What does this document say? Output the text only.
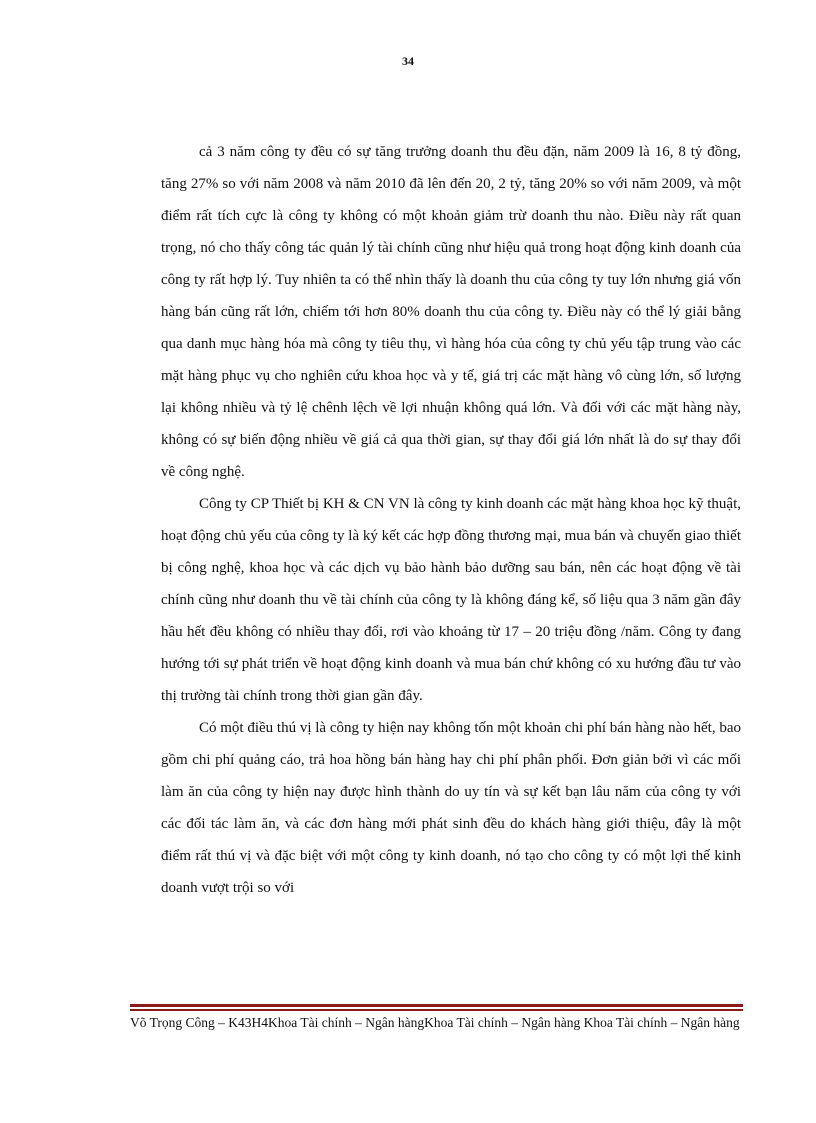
34

cả 3 năm công ty đều có sự tăng trưởng doanh thu đều đặn, năm 2009 là 16, 8 tỷ đồng, tăng 27% so với năm 2008 và năm 2010 đã lên đến 20, 2 tỷ, tăng 20% so với năm 2009, và một điểm rất tích cực là công ty không có một khoản giảm trừ doanh thu nào. Điều này rất quan trọng, nó cho thấy công tác quản lý tài chính cũng như hiệu quả trong hoạt động kinh doanh của công ty rất hợp lý. Tuy nhiên ta có thể nhìn thấy là doanh thu của công ty tuy lớn nhưng giá vốn hàng bán cũng rất lớn, chiếm tới hơn 80% doanh thu của công ty. Điều này có thể lý giải bằng qua danh mục hàng hóa mà công ty tiêu thụ, vì hàng hóa của công ty chủ yếu tập trung vào các mặt hàng phục vụ cho nghiên cứu khoa học và y tế, giá trị các mặt hàng vô cùng lớn, số lượng lại không nhiều và tỷ lệ chênh lệch về lợi nhuận không quá lớn. Và đối với các mặt hàng này, không có sự biến động nhiều về giá cả qua thời gian, sự thay đổi giá lớn nhất là do sự thay đổi về công nghệ.

Công ty CP Thiết bị KH & CN VN là công ty kinh doanh các mặt hàng khoa học kỹ thuật, hoạt động chủ yếu của công ty là ký kết các hợp đồng thương mại, mua bán và chuyển giao thiết bị công nghệ, khoa học và các dịch vụ bảo hành bảo dưỡng sau bán, nên các hoạt động về tài chính cũng như doanh thu về tài chính của công ty là không đáng kể, số liệu qua 3 năm gần đây hầu hết đều không có nhiều thay đổi, rơi vào khoảng từ 17 – 20 triệu đồng /năm. Công ty đang hướng tới sự phát triển về hoạt động kinh doanh và mua bán chứ không có xu hướng đầu tư vào thị trường tài chính trong thời gian gần đây.

Có một điều thú vị là công ty hiện nay không tốn một khoản chi phí bán hàng nào hết, bao gồm chi phí quảng cáo, trả hoa hồng bán hàng hay chi phí phân phối. Đơn giản bởi vì các mối làm ăn của công ty hiện nay được hình thành do uy tín và sự kết bạn lâu năm của công ty với các đối tác làm ăn, và các đơn hàng mới phát sinh đều do khách hàng giới thiệu, đây là một điểm rất thú vị và đặc biệt với một công ty kinh doanh, nó tạo cho công ty có một lợi thế kinh doanh vượt trội so với

Võ Trọng Công – K43H4Khoa Tài chính – Ngân hàngKhoa Tài chính – Ngân hàng Khoa Tài chính – Ngân hàng
